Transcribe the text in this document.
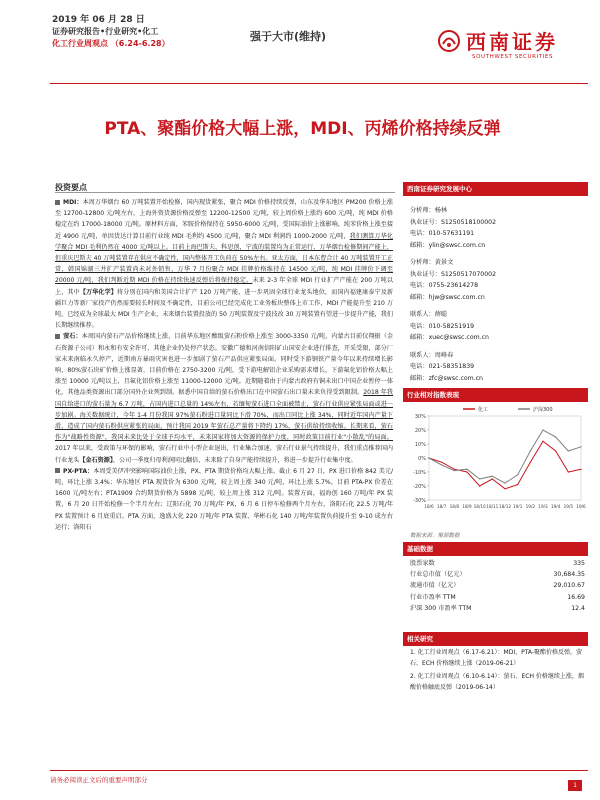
2019 年 06 月 28 日
证券研究报告•行业研究•化工
化工行业周观点 （6.24-6.28）
强于大市(维持)	西南证券
SOUTHWEST SECURITIES
PTA、聚酯价格大幅上涨，MDI、丙烯价格持续反弹
投资要点

MDI：本周万华烟台 60 万吨装置开始检修，国内现货紧张，聚合 MDI 价格持续反弹，山东及华东地区 PM200 价格上涨至 12700-12800 元/吨左右，上海外资货源价格反弹至 12200-12500 元/吨，较上周价格上涨约 600 元/吨，纯 MDI 价格稳定在约 17000-18000 元/吨。原材料方面，苯胺价格保持在 5950-6000 元/吨，受国际油价上涨影响，纯苯价格上涨至接近 4900 元/吨，单因货达计算目前行业纯 MDI 毛利约 4500 元/吨，聚合 MDI 利润约 1000-2000 元/吨，我们测算万华化学聚合 MDI 毛利仍然在 4000 元/吨以上。目前上海巴斯夫、科思创，宁波的装置均为正常运行，万华烟台检修期间产能上，但重庆巴斯夫 40 万吨装置存在供应不确定性，国内整体开工负荷在 50%左右。亚太方面，日本东曹合计 40 万吨装置开工正常，韩国锦湖三井扩产装置尚未对外销售，万华 7 月份聚合 MDI 挂牌价格维持在 14500 元/吨，纯 MDI 挂牌价下调至 20000 元/吨，我们判断近期 MDI 价格在持续快速反弹后将保持稳定。未来 2-3 年全球 MDI 行业扩产产能在 200 万吨以上，其中【万华化学】将分别在国内和美国合计扩产 120 万吨产能，进一步巩固全球行业龙头地位，而国内福建康泰宁及新疆巨力等新厂家投产仍然需要较长时间及不确定性，目前公司已经完成化工业务板块整体上市工作，MDI 产能提升至 210 万吨，已经成为全球最大 MDI 生产企业，未来烟台装置投放的 50 万吨装置及宁波技改 30 万吨装置有望进一步提升产能，我们长期继续推荐。

萤石：本周国内萤石产品价格继续上涨，目前华东地区酸级萤石粉价格上涨至 3000-3350 元/吨，内蒙古目前仅翔振（金石资源子公司）和永和有安全许可，其他企业仍处停产状态。安徽广德和河南信阳矿山国安企业进行排查，开采受限，部分厂家未来南临永久停产，近期南方暴雨灾害也进一步加剧了萤石产品供应紧张局面。同时受下游钢铁产量今年以来持续增长影响，80%萤石块矿价格上涨显著，目前价格在 2750-3200 元/吨，受下游电解铝企业采购需求增长，下游氟化铝价格大幅上涨至 10000 元/吨以上，且氟化铝价格上涨至 11000-12000 元/吨。近期随着由于内蒙古政府有铜未出口中国企业暂停一体化，其他品类资源出口部分国外企业列到制。据悉中国自给的萤石价格出口在中国萤石出口量未来负得受到限制。2018 年我国自给进口的萤石量为 6.7 万吨，占国内进口总量的 14%左右，若缅甸萤石进口全面被禁止，萤石行业供应紧张局面或进一步加剧。海关数据统计，今年 1-4 月份我国 97%萤石粉进口量同比下滑 70%，而出口同比上涨 34%，同时近年国内产量下滑，造成了国内萤石粉供应紧张的局面，预计我国 2019 年萤石总产量将下降约 17%，萤石供给持续收缩。长期来看，萤石作为"战略性资源"，我国未来比处于全球予均水平，未来国家将加大资源的保护力度，同时政策目前行业"小散乱"的局面。2017 年以来，受政策与环保的影响，萤石行业中小型企业退出，行业集合加速，萤石行业景气持续提升，我们重点推荐国内行业龙头【金石资源】，公司一季度归母利润同比翻倍，未来除了自身产能持续提升，将进一步提升行业集中度。

PX-PTA：本周受美伊冲突影响国际油价上涨，PX、PTA 期货价格均大幅上涨。截止 6 月 27 日，PX 进口价格 842 美元/吨，环比上涨 3.4%；华东地区 PTA 现货价为 6300 元/吨，较上周上涨 340 元/吨，环比上涨 5.7%，目前 PTA-PX 价差在 1600 元/吨左右；PTA1909 合约期货价格为 5898 元/吨，较上周上涨 312 元/吨。装置方面，福海创 160 万吨/年 PX 装置，6 月 20 日开始检修一个半月左右；辽阳石化 70 万吨/年 PX，6 月 6 日停车检修两个月左右，洛阳石化 22.5 万吨/年 PX 装置预计 6 月底重启。PTA 方面，逸盛大化 220 万吨/年 PTA 装置、华彬石化 140 万吨/年装置负荷提升至 9-10 成左右运行；洛阳石

西南证券研究发展中心
分析师：杨林
执业证号：S1250518100002
电话：010-57631191
邮箱：ylin@swsc.com.cn
分析师：黄景文
执业证号：S1250517070002
电话：0755-23614278
邮箱：hjw@swsc.com.cn
联系人：薛聪
电话：010-58251919
邮箱：xuec@swsc.com.cn
联系人：周峰春
电话：021-58351839
邮箱：zfc@swsc.com.cn
行业相对指数表现
30%
20%
10%
0%
-10%
-20%
-30%
18/6 18/7 18/8 18/9 18/10 18/11 18/12 19/1 19/2 19/3 19/4 19/5 19/6
化工	沪深300
数据来源：聚源数据
基础数据
股票家数	335
行业总市值（亿元）	30,684.35
流通市值（亿元）	29,010.67
行业市盈率 TTM	16.69
沪深 300 市盈率 TTM	12.4
相关研究

1. 化工行业周观点（6.17-6.21）：MDI、PTA-聚酯价格反弹，萤石、ECH 价格继续上涨（2019-06-21）

2. 化工行业周观点（6.10-6.14）：萤石、ECH 价格继续上涨，烟酸价格触底反弹（2019-06-14）

请务必阅读正文后的重要声明部分
1
